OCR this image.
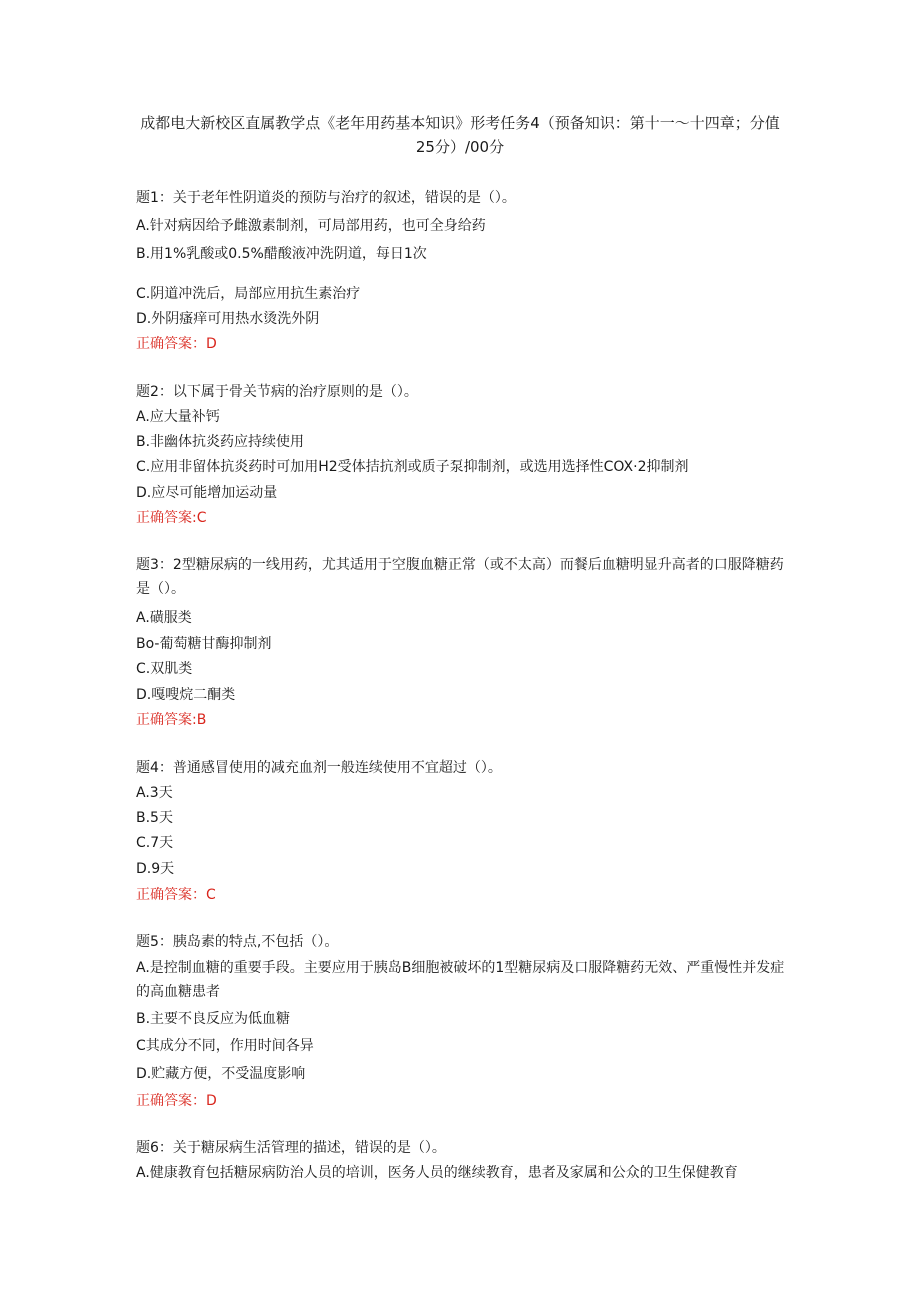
成都电大新校区直属教学点《老年用药基本知识》形考任务4（预备知识：第十一〜十四章；分值25分）/00分
题1：关于老年性阴道炎的预防与治疗的叙述，错误的是（）。
A.针对病因给予雌激素制剂，可局部用药，也可全身给药
B.用1%乳酸或0.5%醋酸液冲洗阴道，每日1次
C.阴道冲洗后，局部应用抗生素治疗
D.外阴瘙痒可用热水烫洗外阴
正确答案：D
题2：以下属于骨关节病的治疗原则的是（）。
A.应大量补钙
B.非幽体抗炎药应持续使用
C.应用非留体抗炎药时可加用H2受体拮抗剂或质子泵抑制剂，或选用选择性COX·2抑制剂
D.应尽可能增加运动量
正确答案:C
题3：2型糖尿病的一线用药，尤其适用于空腹血糖正常（或不太高）而餐后血糖明显升高者的口服降糖药是（）。
A.磺服类
Bo-葡萄糖甘酶抑制剂
C.双肌类
D.嘎嗖烷二酮类
正确答案:B
题4：普通感冒使用的减充血剂一般连续使用不宜超过（）。
A.3天
B.5天
C.7天
D.9天
正确答案：C
题5：胰岛素的特点,不包括（）。
A.是控制血糖的重要手段。主要应用于胰岛B细胞被破坏的1型糖尿病及口服降糖药无效、严重慢性并发症的高血糖患者
B.主要不良反应为低血糖
C其成分不同，作用时间各异
D.贮藏方便，不受温度影响
正确答案：D
题6：关于糖尿病生活管理的描述，错误的是（）。
A.健康教育包括糖尿病防治人员的培训，医务人员的继续教育，患者及家属和公众的卫生保健教育
